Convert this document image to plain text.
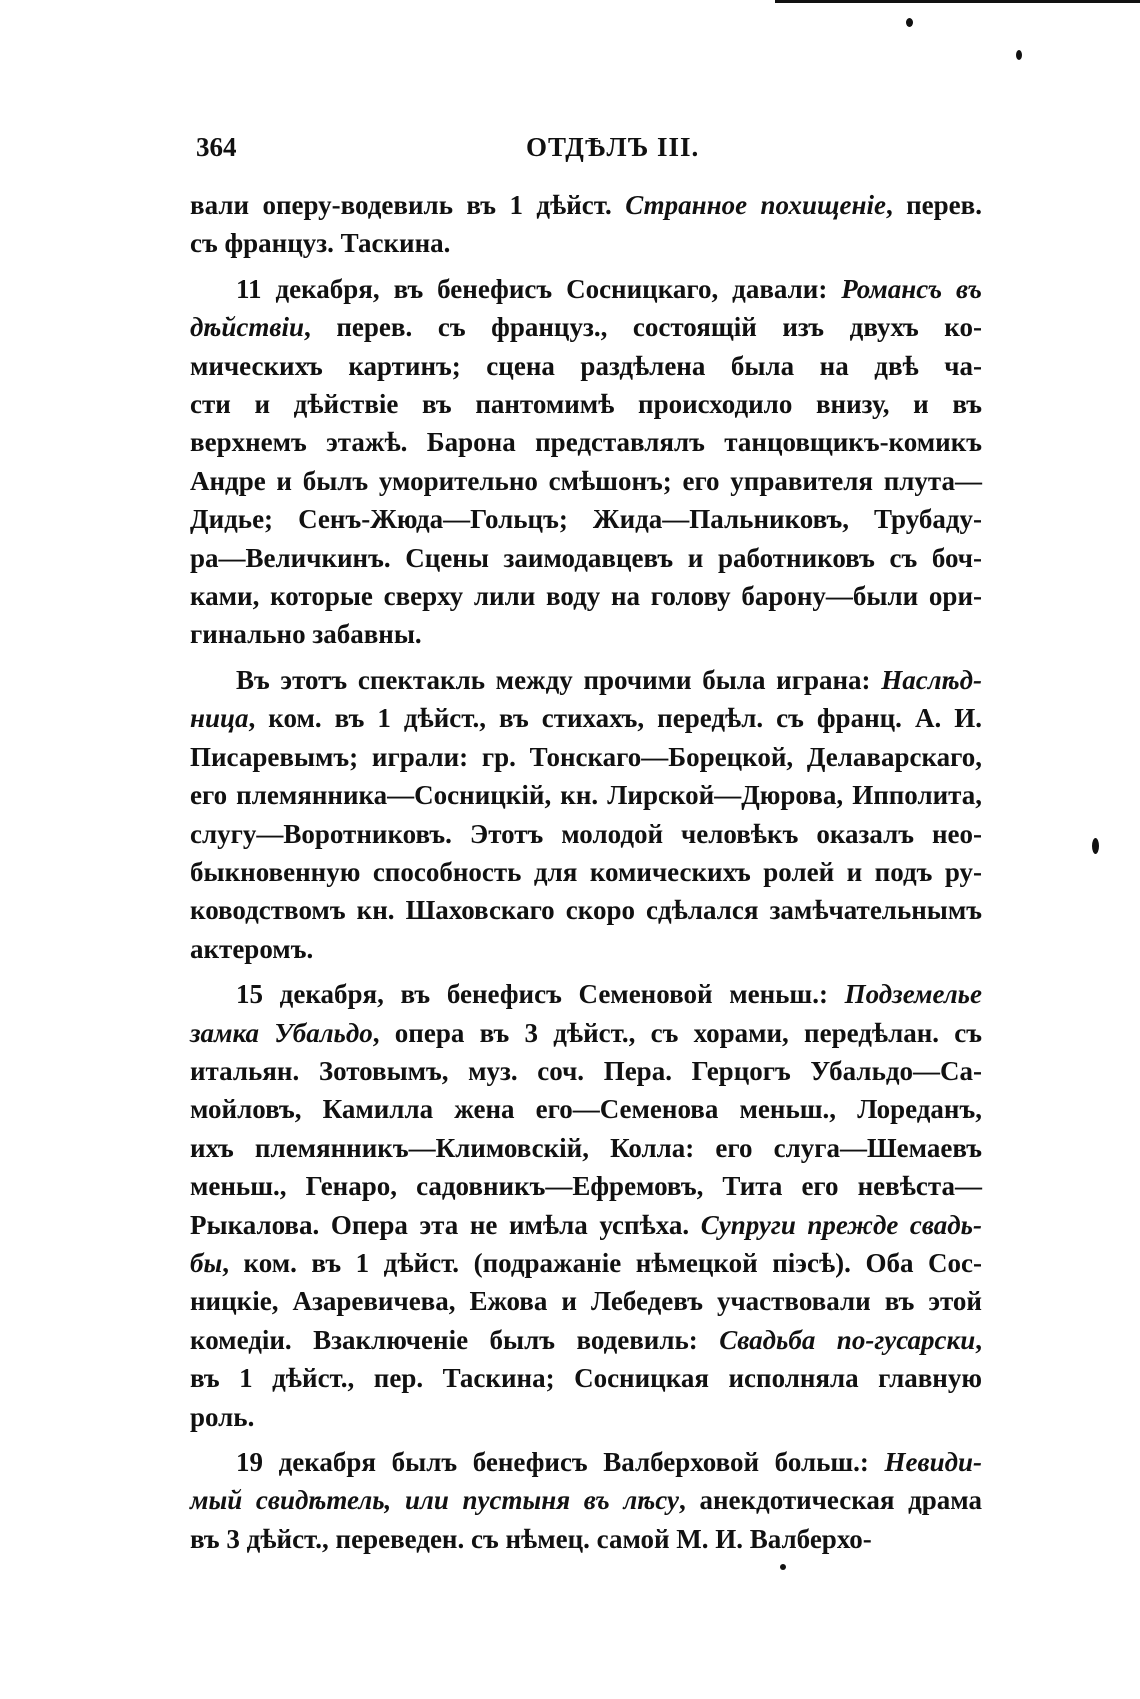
364	ОТДѢЛЪ III.
вали оперу-водевиль въ 1 дѣйст. Странное похищеніе, перев.
съ француз. Таскина.
11 декабря, въ бенефисъ Сосницкаго, давали: Романсъ въ
дѣйствіи, перев. съ француз., состоящій изъ двухъ ко-
мическихъ картинъ; сцена раздѣлена была на двѣ ча-
сти и дѣйствіе въ пантомимѣ происходило внизу, и въ
верхнемъ этажѣ. Барона представлялъ танцовщикъ-комикъ
Андре и былъ уморительно смѣшонъ; его управителя плута—
Дидье; Сенъ-Жюда—Гольцъ; Жида—Пальниковъ, Трубаду-
ра—Величкинъ. Сцены заимодавцевъ и работниковъ съ боч-
ками, которые сверху лили воду на голову барону—были ори-
гинально забавны.
Въ этотъ спектакль между прочими была играна: Наслѣд-
ница, ком. въ 1 дѣйст., въ стихахъ, передѣл. съ франц. А. И.
Писаревымъ; играли: гр. Тонскаго—Борецкой, Делаварскаго,
его племянника—Сосницкій, кн. Лирской—Дюрова, Ипполита,
слугу—Воротниковъ. Этотъ молодой человѣкъ оказалъ нео-
быкновенную способность для комическихъ ролей и подъ ру-
ководствомъ кн. Шаховскаго скоро сдѣлался замѣчательнымъ
актеромъ.
15 декабря, въ бенефисъ Семеновой меньш.: Подземелье
замка Убальдо, опера въ 3 дѣйст., съ хорами, передѣлан. съ
итальян. Зотовымъ, муз. соч. Пера. Герцогъ Убальдо—Са-
мойловъ, Камилла жена его—Семенова меньш., Лореданъ,
ихъ племянникъ—Климовскій, Колла: его слуга—Шемаевъ
меньш., Генаро, садовникъ—Ефремовъ, Тита его невѣста—
Рыкалова. Опера эта не имѣла успѣха. Супруги прежде свадь-
бы, ком. въ 1 дѣйст. (подражаніе нѣмецкой піэсѣ). Оба Сос-
ницкіе, Азаревичева, Ежова и Лебедевъ участвовали въ этой
комедіи. Взаключеніе былъ водевиль: Свадьба по-гусарски,
въ 1 дѣйст., пер. Таскина; Сосницкая исполняла главную
роль.
19 декабря былъ бенефисъ Валберховой больш.: Невиди-
мый свидѣтель, или пустыня въ лѣсу, анекдотическая драма
въ 3 дѣйст., переведен. съ нѣмец. самой М. И. Валберхо-
